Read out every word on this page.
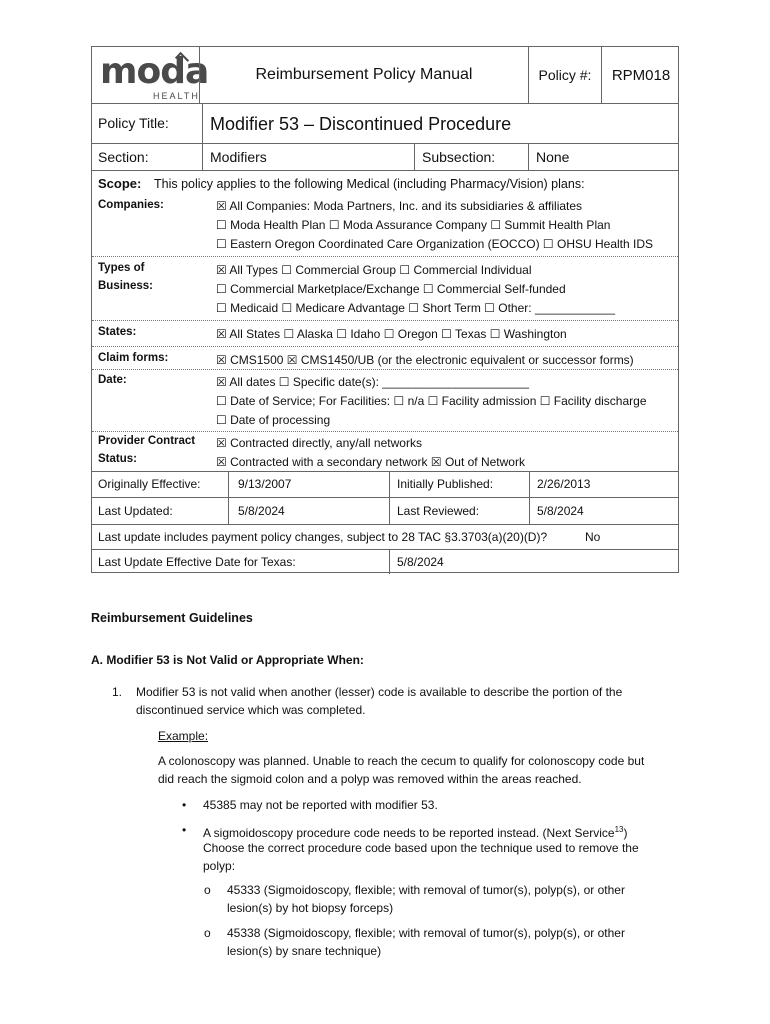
moda
HEALTH
Reimbursement Policy Manual	Policy #: RPM018
Policy Title: Modifier 53 – Discontinued Procedure
Section:	Modifiers	Subsection:	None
Scope: This policy applies to the following Medical (including Pharmacy/Vision) plans:
Companies:	☒ All Companies: Moda Partners, Inc. and its subsidiaries & affiliates
☐ Moda Health Plan ☐ Moda Assurance Company ☐ Summit Health Plan
☐ Eastern Oregon Coordinated Care Organization (EOCCO) ☐ OHSU Health IDS
Types of
Business:
☒ All Types ☐ Commercial Group ☐ Commercial Individual
☐ Commercial Marketplace/Exchange ☐ Commercial Self-funded
☐ Medicaid ☐ Medicare Advantage ☐ Short Term ☐ Other: ____________
States:	☒ All States ☐ Alaska ☐ Idaho ☐ Oregon ☐ Texas ☐ Washington
Claim forms:	☒ CMS1500 ☒ CMS1450/UB (or the electronic equivalent or successor forms)
Date:	☒ All dates ☐ Specific date(s): ______________________
☐ Date of Service; For Facilities: ☐ n/a ☐ Facility admission ☐ Facility discharge
☐ Date of processing
Provider Contract
Status:
☒ Contracted directly, any/all networks
☒ Contracted with a secondary network ☒ Out of Network
Originally Effective:	9/13/2007	Initially Published:	2/26/2013
Last Updated:	5/8/2024	Last Reviewed:	5/8/2024
Last update includes payment policy changes, subject to 28 TAC §3.3703(a)(20)(D)?	No
Last Update Effective Date for Texas:	5/8/2024
Reimbursement Guidelines
A. Modifier 53 is Not Valid or Appropriate When:
1.	Modifier 53 is not valid when another (lesser) code is available to describe the portion of the
discontinued service which was completed.
Example:
A colonoscopy was planned. Unable to reach the cecum to qualify for colonoscopy code but
did reach the sigmoid colon and a polyp was removed within the areas reached.
•	45385 may not be reported with modifier 53.
•	A sigmoidoscopy procedure code needs to be reported instead. (Next Service$^{13}$)
Choose the correct procedure code based upon the technique used to remove the
polyp:
o	45333 (Sigmoidoscopy, flexible; with removal of tumor(s), polyp(s), or other
lesion(s) by hot biopsy forceps)
o	45338 (Sigmoidoscopy, flexible; with removal of tumor(s), polyp(s), or other
lesion(s) by snare technique)
